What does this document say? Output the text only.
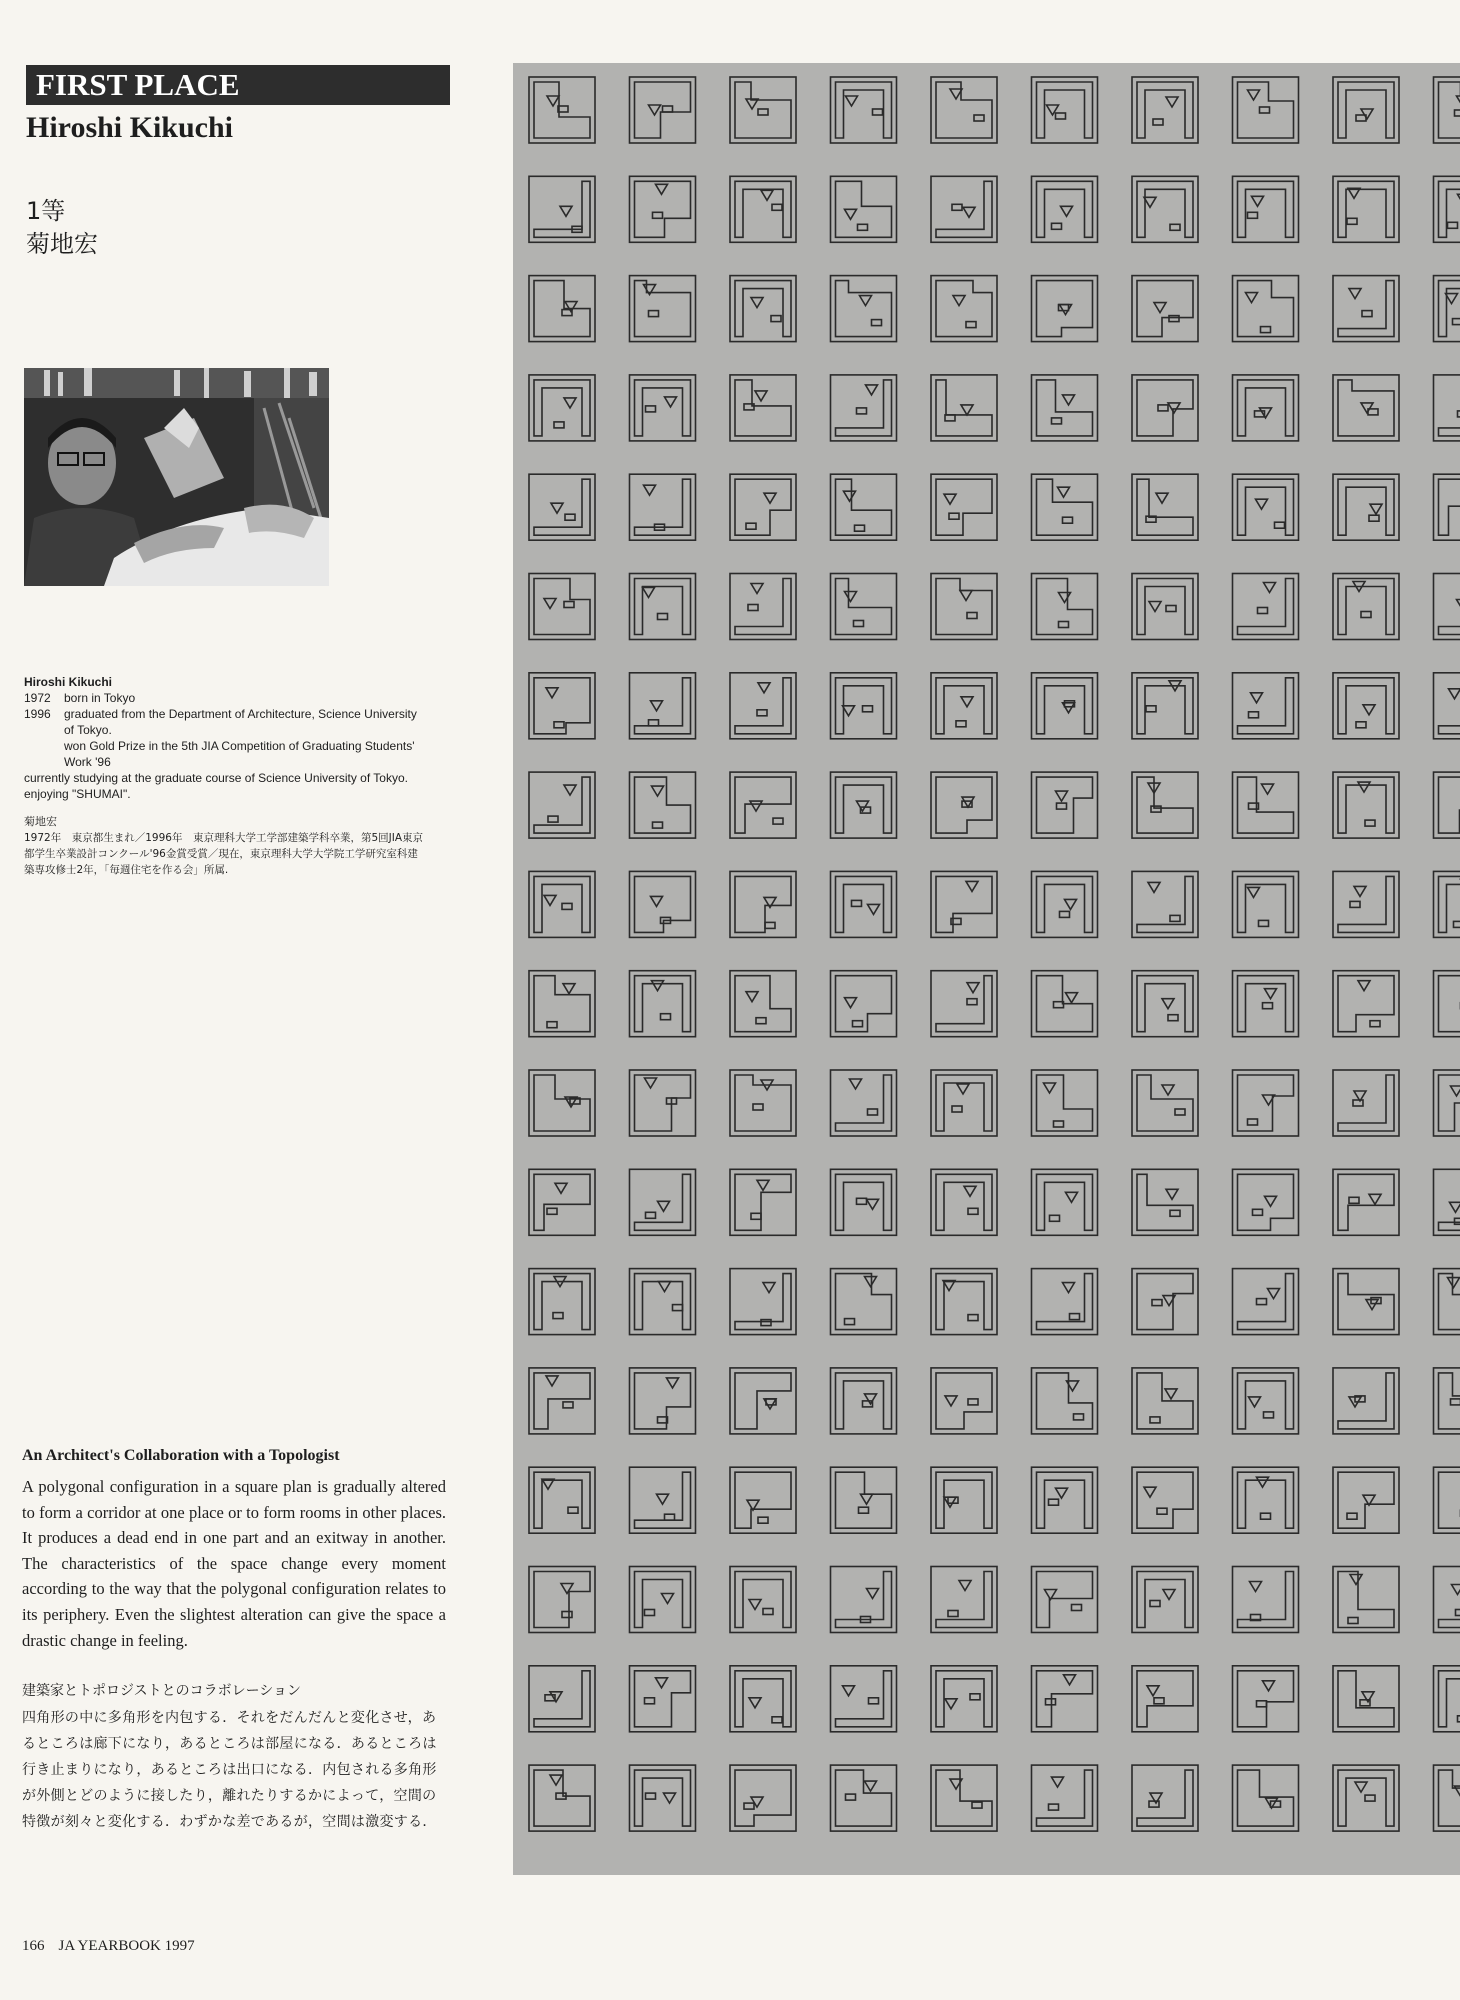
FIRST PLACE
Hiroshi Kikuchi
1等
菊地宏
Hiroshi Kikuchi
1972	born in Tokyo
1996	graduated from the Department of Architecture, Science University of Tokyo.
won Gold Prize in the 5th JIA Competition of Graduating Students' Work '96
currently studying at the graduate course of Science University of Tokyo. enjoying "SHUMAI".
菊地宏
1972年　東京都生まれ／1996年　東京理科大学工学部建築学科卒業，第5回JIA東京都学生卒業設計コンクール'96金賞受賞／現在，東京理科大学大学院工学研究室科建築専攻修士2年，「毎週住宅を作る会」所属.
An Architect's Collaboration with a Topologist
A polygonal configuration in a square plan is gradually altered to form a corridor at one place or to form rooms in other places. It produces a dead end in one part and an exitway in another. The characteristics of the space change every moment according to the way that the polygonal configuration relates to its periphery. Even the slightest alteration can give the space a drastic change in feeling.
建築家とトポロジストとのコラボレーション
四角形の中に多角形を内包する．それをだんだんと変化させ，あるところは廊下になり，あるところは部屋になる．あるところは行き止まりになり，あるところは出口になる．内包される多角形が外側とどのように接したり，離れたりするかによって，空間の特徴が刻々と変化する．わずかな差であるが，空間は激変する．
166 JA YEARBOOK 1997
